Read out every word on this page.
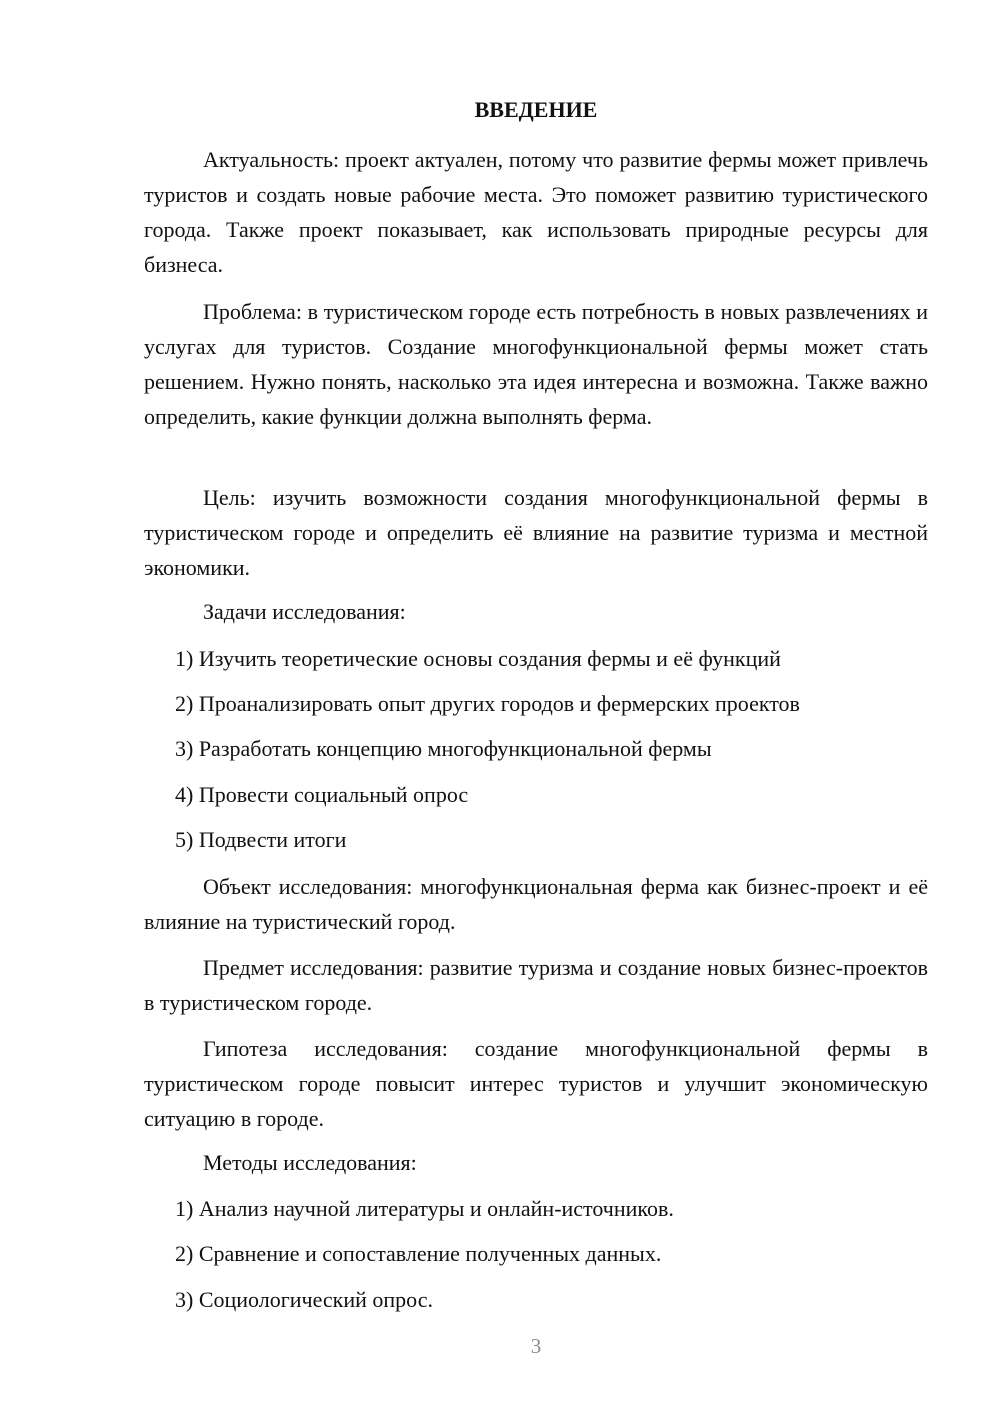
ВВЕДЕНИЕ

Актуальность: проект актуален, потому что развитие фермы может привлечь туристов и создать новые рабочие места. Это поможет развитию туристического города. Также проект показывает, как использовать природные ресурсы для бизнеса.

Проблема: в туристическом городе есть потребность в новых развлечениях и услугах для туристов. Создание многофункциональной фермы может стать решением. Нужно понять, насколько эта идея интересна и возможна. Также важно определить, какие функции должна выполнять ферма.

Цель: изучить возможности создания многофункциональной фермы в туристическом городе и определить её влияние на развитие туризма и местной экономики.

Задачи исследования:

1) Изучить теоретические основы создания фермы и её функций

2) Проанализировать опыт других городов и фермерских проектов

3) Разработать концепцию многофункциональной фермы

4) Провести социальный опрос

5) Подвести итоги

Объект исследования: многофункциональная ферма как бизнес-проект и её влияние на туристический город.

Предмет исследования: развитие туризма и создание новых бизнес-проектов в туристическом городе.

Гипотеза исследования: создание многофункциональной фермы в туристическом городе повысит интерес туристов и улучшит экономическую ситуацию в городе.

Методы исследования:

1) Анализ научной литературы и онлайн-источников.

2) Сравнение и сопоставление полученных данных.

3) Социологический опрос.

3
